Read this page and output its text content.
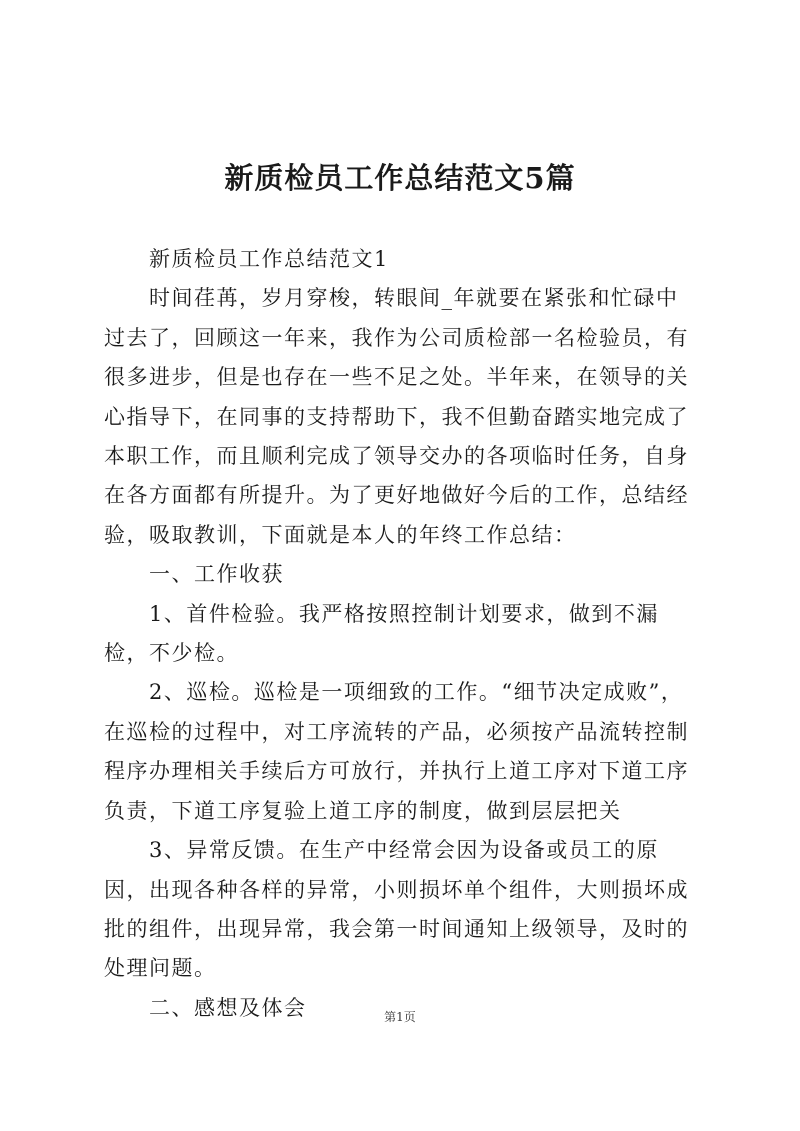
新质检员工作总结范文5篇

新质检员工作总结范文1

时间荏苒，岁月穿梭，转眼间_年就要在紧张和忙碌中过去了，回顾这一年来，我作为公司质检部一名检验员，有很多进步，但是也存在一些不足之处。半年来，在领导的关心指导下，在同事的支持帮助下，我不但勤奋踏实地完成了本职工作，而且顺利完成了领导交办的各项临时任务，自身在各方面都有所提升。为了更好地做好今后的工作，总结经验，吸取教训，下面就是本人的年终工作总结：

一、工作收获

1、首件检验。我严格按照控制计划要求，做到不漏检，不少检。

2、巡检。巡检是一项细致的工作。“细节决定成败”，在巡检的过程中，对工序流转的产品，必须按产品流转控制程序办理相关手续后方可放行，并执行上道工序对下道工序负责，下道工序复验上道工序的制度，做到层层把关

3、异常反馈。在生产中经常会因为设备或员工的原因，出现各种各样的异常，小则损坏单个组件，大则损坏成批的组件，出现异常，我会第一时间通知上级领导，及时的处理问题。

二、感想及体会	第1页
